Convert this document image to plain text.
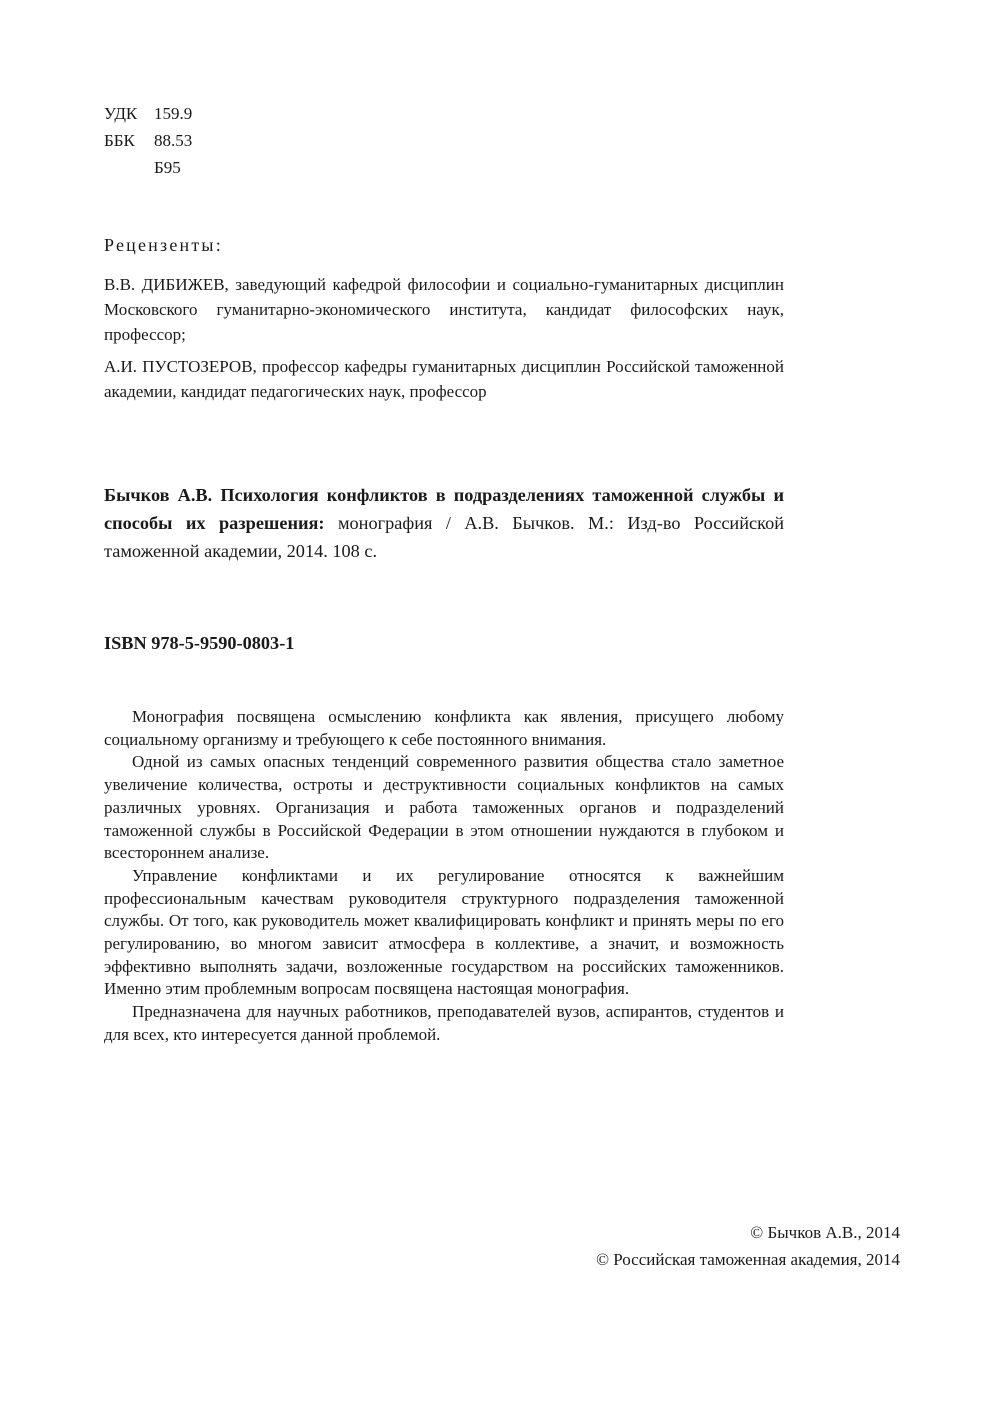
УДК 159.9
ББК	88.53
Б95
Рецензенты:
В.В. ДИБИЖЕВ, заведующий кафедрой философии и социально-гуманитарных дисциплин Московского гуманитарно-экономического института, кандидат философских наук, профессор;
А.И. ПУСТОЗЕРОВ, профессор кафедры гуманитарных дисциплин Российской таможенной академии, кандидат педагогических наук, профессор
Бычков А.В. Психология конфликтов в подразделениях таможенной службы и способы их разрешения: монография / А.В. Бычков. М.: Изд-во Российской таможенной академии, 2014. 108 с.
ISBN 978-5-9590-0803-1

Монография посвящена осмыслению конфликта как явления, присущего любому социальному организму и требующего к себе постоянного внимания.

Одной из самых опасных тенденций современного развития общества стало заметное увеличение количества, остроты и деструктивности социальных конфликтов на самых различных уровнях. Организация и работа таможенных органов и подразделений таможенной службы в Российской Федерации в этом отношении нуждаются в глубоком и всестороннем анализе.

Управление конфликтами и их регулирование относятся к важнейшим профессиональным качествам руководителя структурного подразделения таможенной службы. От того, как руководитель может квалифицировать конфликт и принять меры по его регулированию, во многом зависит атмосфера в коллективе, а значит, и возможность эффективно выполнять задачи, возложенные государством на российских таможенников. Именно этим проблемным вопросам посвящена настоящая монография.

Предназначена для научных работников, преподавателей вузов, аспирантов, студентов и для всех, кто интересуется данной проблемой.

© Бычков А.В., 2014
© Российская таможенная академия, 2014
